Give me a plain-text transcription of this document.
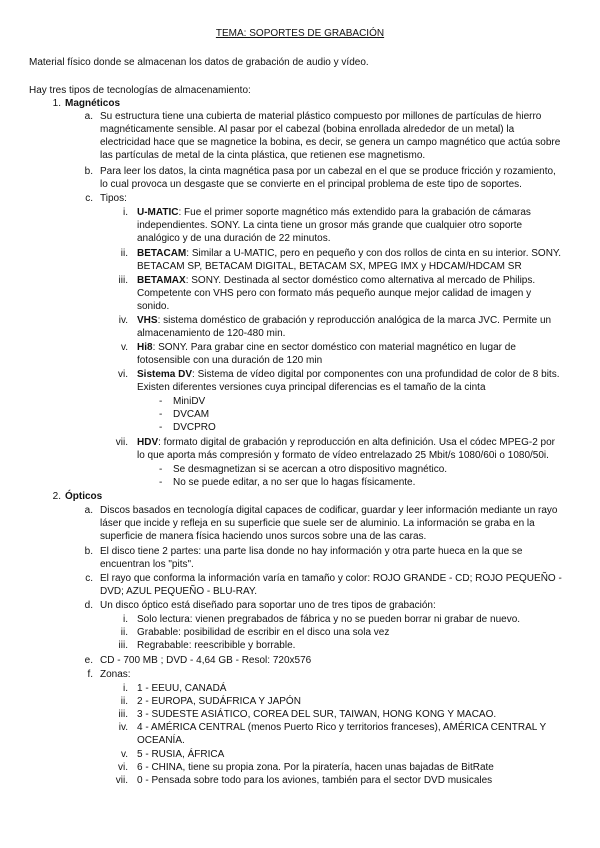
TEMA: SOPORTES DE GRABACIÓN
Material físico donde se almacenan los datos de grabación de audio y vídeo.
Hay tres tipos de tecnologías de almacenamiento:
1. Magnéticos
a. Su estructura tiene una cubierta de material plástico compuesto por millones de partículas de hierro
magnéticamente sensible. Al pasar por el cabezal (bobina enrollada alrededor de un metal) la
electricidad hace que se magnetice la bobina, es decir, se genera un campo magnético que actúa sobre
las partículas de metal de la cinta plástica, que retienen ese magnetismo.
b. Para leer los datos, la cinta magnética pasa por un cabezal en el que se produce fricción y rozamiento,
lo cual provoca un desgaste que se convierte en el principal problema de este tipo de soportes.
c. Tipos:
i. U-MATIC: Fue el primer soporte magnético más extendido para la grabación de cámaras
independientes. SONY. La cinta tiene un grosor más grande que cualquier otro soporte
analógico y de una duración de 22 minutos.
ii. BETACAM: Similar a U-MATIC, pero en pequeño y con dos rollos de cinta en su interior. SONY.
BETACAM SP, BETACAM DIGITAL, BETACAM SX, MPEG IMX y HDCAM/HDCAM SR
iii. BETAMAX: SONY. Destinada al sector doméstico como alternativa al mercado de Philips.
Competente con VHS pero con formato más pequeño aunque mejor calidad de imagen y
sonido.
iv. VHS: sistema doméstico de grabación y reproducción analógica de la marca JVC. Permite un
almacenamiento de 120-480 min.
v. Hi8: SONY. Para grabar cine en sector doméstico con material magnético en lugar de
fotosensible con una duración de 120 min
vi. Sistema DV: Sistema de vídeo digital por componentes con una profundidad de color de 8 bits.
Existen diferentes versiones cuya principal diferencias es el tamaño de la cinta
- MiniDV
- DVCAM
- DVCPRO
vii. HDV: formato digital de grabación y reproducción en alta definición. Usa el códec MPEG-2 por
lo que aporta más compresión y formato de vídeo entrelazado 25 Mbit/s 1080/60i o 1080/50i.
- Se desmagnetizan si se acercan a otro dispositivo magnético.
- No se puede editar, a no ser que lo hagas físicamente.
2. Ópticos
a. Discos basados en tecnología digital capaces de codificar, guardar y leer información mediante un rayo
láser que incide y refleja en su superficie que suele ser de aluminio. La información se graba en la
superficie de manera física haciendo unos surcos sobre una de las caras.
b. El disco tiene 2 partes: una parte lisa donde no hay información y otra parte hueca en la que se
encuentran los "pits".
c. El rayo que conforma la información varía en tamaño y color: ROJO GRANDE - CD; ROJO PEQUEÑO -
DVD; AZUL PEQUEÑO - BLU-RAY.
d. Un disco óptico está diseñado para soportar uno de tres tipos de grabación:
i. Solo lectura: vienen pregrabados de fábrica y no se pueden borrar ni grabar de nuevo.
ii. Grabable: posibilidad de escribir en el disco una sola vez
iii. Regrabable: reescribible y borrable.
e. CD - 700 MB ; DVD - 4,64 GB - Resol: 720x576
f. Zonas:
i. 1 - EEUU, CANADÁ
ii. 2 - EUROPA, SUDÁFRICA Y JAPÓN
iii. 3 - SUDESTE ASIÁTICO, COREA DEL SUR, TAIWAN, HONG KONG Y MACAO.
iv. 4 - AMÉRICA CENTRAL (menos Puerto Rico y territorios franceses), AMÉRICA CENTRAL Y
OCEANÍA.
v. 5 - RUSIA, ÁFRICA
vi. 6 - CHINA, tiene su propia zona. Por la piratería, hacen unas bajadas de BitRate
vii. 0 - Pensada sobre todo para los aviones, también para el sector DVD musicales
